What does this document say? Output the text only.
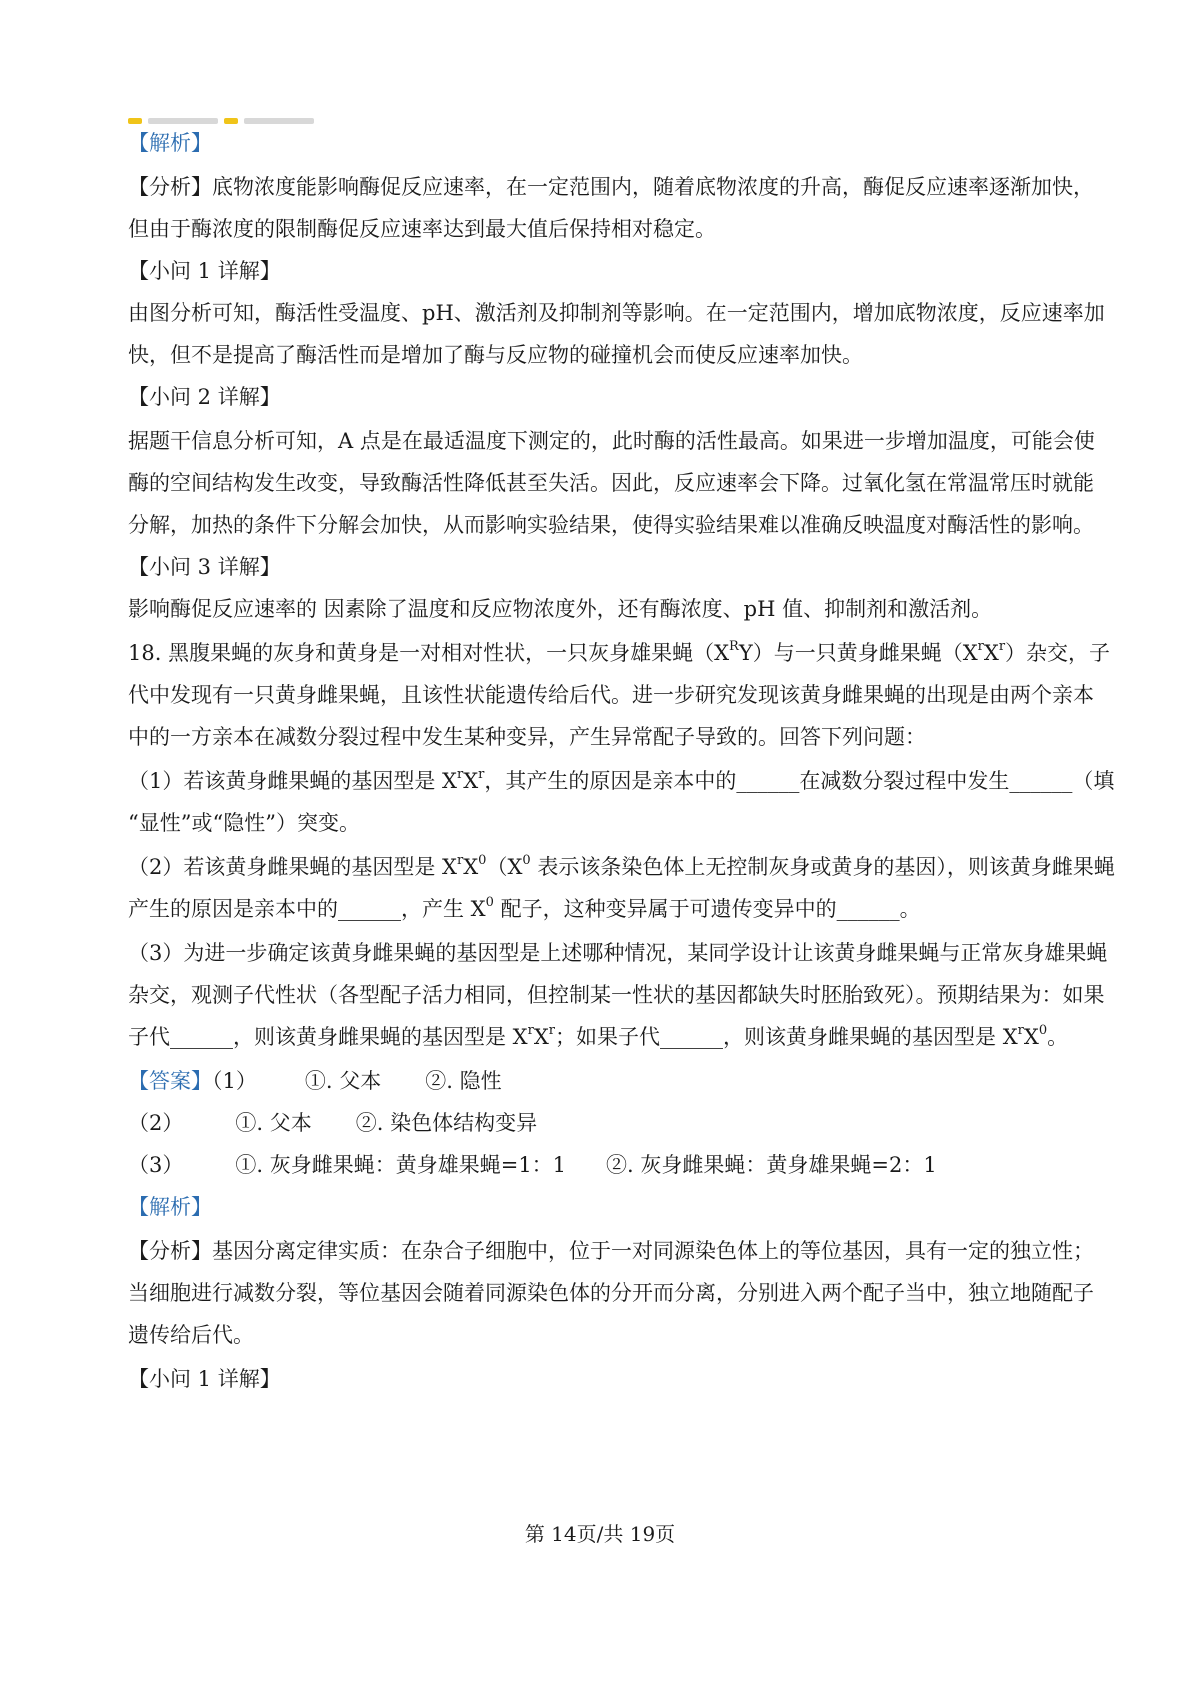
【解析】
【分析】底物浓度能影响酶促反应速率，在一定范围内，随着底物浓度的升高，酶促反应速率逐渐加快，
但由于酶浓度的限制酶促反应速率达到最大值后保持相对稳定。
【小问 1 详解】
由图分析可知，酶活性受温度、pH、激活剂及抑制剂等影响。在一定范围内，增加底物浓度，反应速率加
快，但不是提高了酶活性而是增加了酶与反应物的碰撞机会而使反应速率加快。
【小问 2 详解】
据题干信息分析可知，A 点是在最适温度下测定的，此时酶的活性最高。如果进一步增加温度，可能会使
酶的空间结构发生改变，导致酶活性降低甚至失活。因此，反应速率会下降。过氧化氢在常温常压时就能
分解，加热的条件下分解会加快，从而影响实验结果，使得实验结果难以准确反映温度对酶活性的影响。
【小问 3 详解】
影响酶促反应速率的 因素除了温度和反应物浓度外，还有酶浓度、pH 值、抑制剂和激活剂。
18. 黑腹果蝇的灰身和黄身是一对相对性状，一只灰身雄果蝇$(X^RY)$与一只黄身雌果蝇$(X^rX^r)$杂交，子
代中发现有一只黄身雌果蝇，且该性状能遗传给后代。进一步研究发现该黄身雌果蝇的出现是由两个亲本
中的一方亲本在减数分裂过程中发生某种变异，产生异常配子导致的。回答下列问题：
（1）若该黄身雌果蝇的基因型是 $X^rX^r$，其产生的原因是亲本中的______在减数分裂过程中发生______（填
“显性”或“隐性”）突变。
（2）若该黄身雌果蝇的基因型是 $X^rX^0(X^0$ 表示该条染色体上无控制灰身或黄身的基因），则该黄身雌果蝇
产生的原因是亲本中的______，产生 $X^0$ 配子，这种变异属于可遗传变异中的______。
（3）为进一步确定该黄身雌果蝇的基因型是上述哪种情况，某同学设计让该黄身雌果蝇与正常灰身雄果蝇
杂交，观测子代性状（各型配子活力相同，但控制某一性状的基因都缺失时胚胎致死）。预期结果为：如果
子代______，则该黄身雌果蝇的基因型是 $X^rX^r$；如果子代______，则该黄身雌果蝇的基因型是 $X^rX^0$。
【答案】（1） ①. 父本 ②. 隐性
（2） ①. 父本 ②. 染色体结构变异
（3） ①. 灰身雌果蝇：黄身雄果蝇=1：1 ②. 灰身雌果蝇：黄身雄果蝇=2：1
【解析】
【分析】基因分离定律实质：在杂合子细胞中，位于一对同源染色体上的等位基因，具有一定的独立性；
当细胞进行减数分裂，等位基因会随着同源染色体的分开而分离，分别进入两个配子当中，独立地随配子
遗传给后代。
【小问 1 详解】
第 14页/共 19页
